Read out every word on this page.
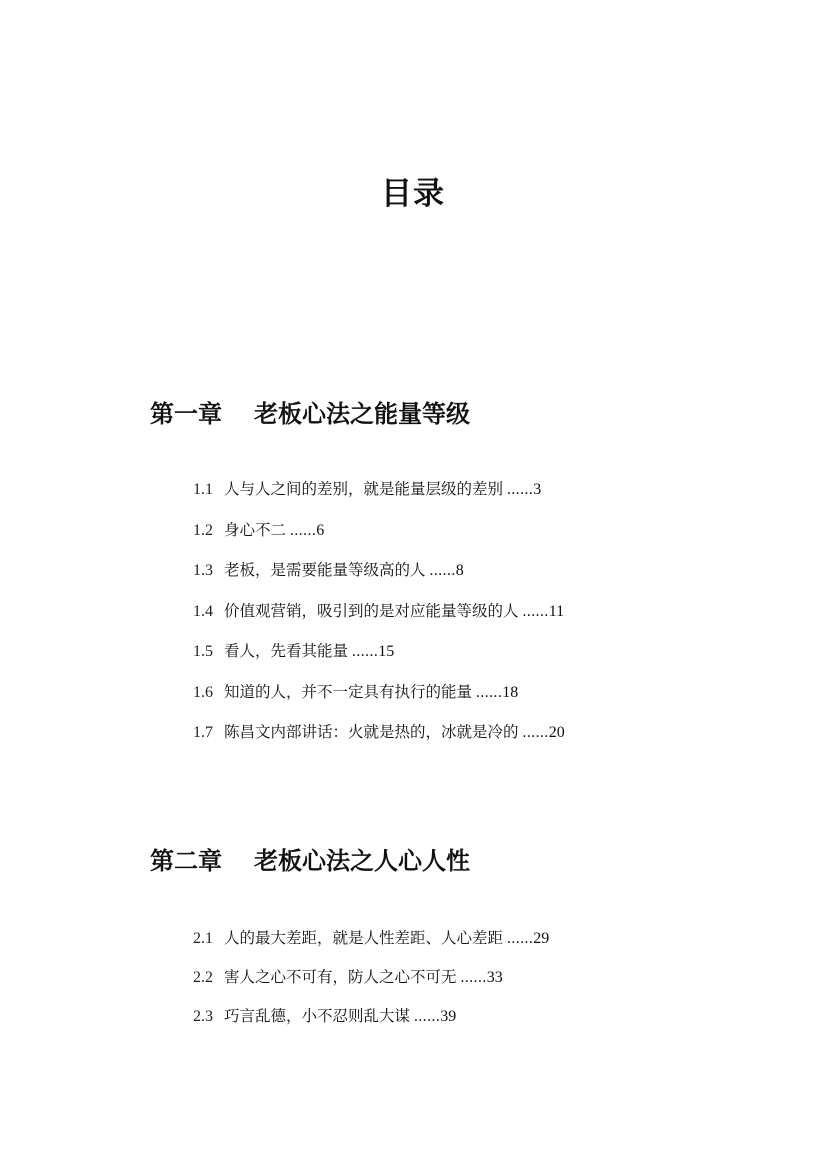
目录
第一章 老板心法之能量等级
1.1 人与人之间的差别，就是能量层级的差别 ......3
1.2 身心不二 ......6
1.3 老板，是需要能量等级高的人 ......8
1.4 价值观营销，吸引到的是对应能量等级的人 ......11
1.5 看人，先看其能量 ......15
1.6 知道的人，并不一定具有执行的能量 ......18
1.7 陈昌文内部讲话：火就是热的，冰就是冷的 ......20
第二章 老板心法之人心人性
2.1 人的最大差距，就是人性差距、人心差距 ......29
2.2 害人之心不可有，防人之心不可无 ......33
2.3 巧言乱德，小不忍则乱大谋 ......39
